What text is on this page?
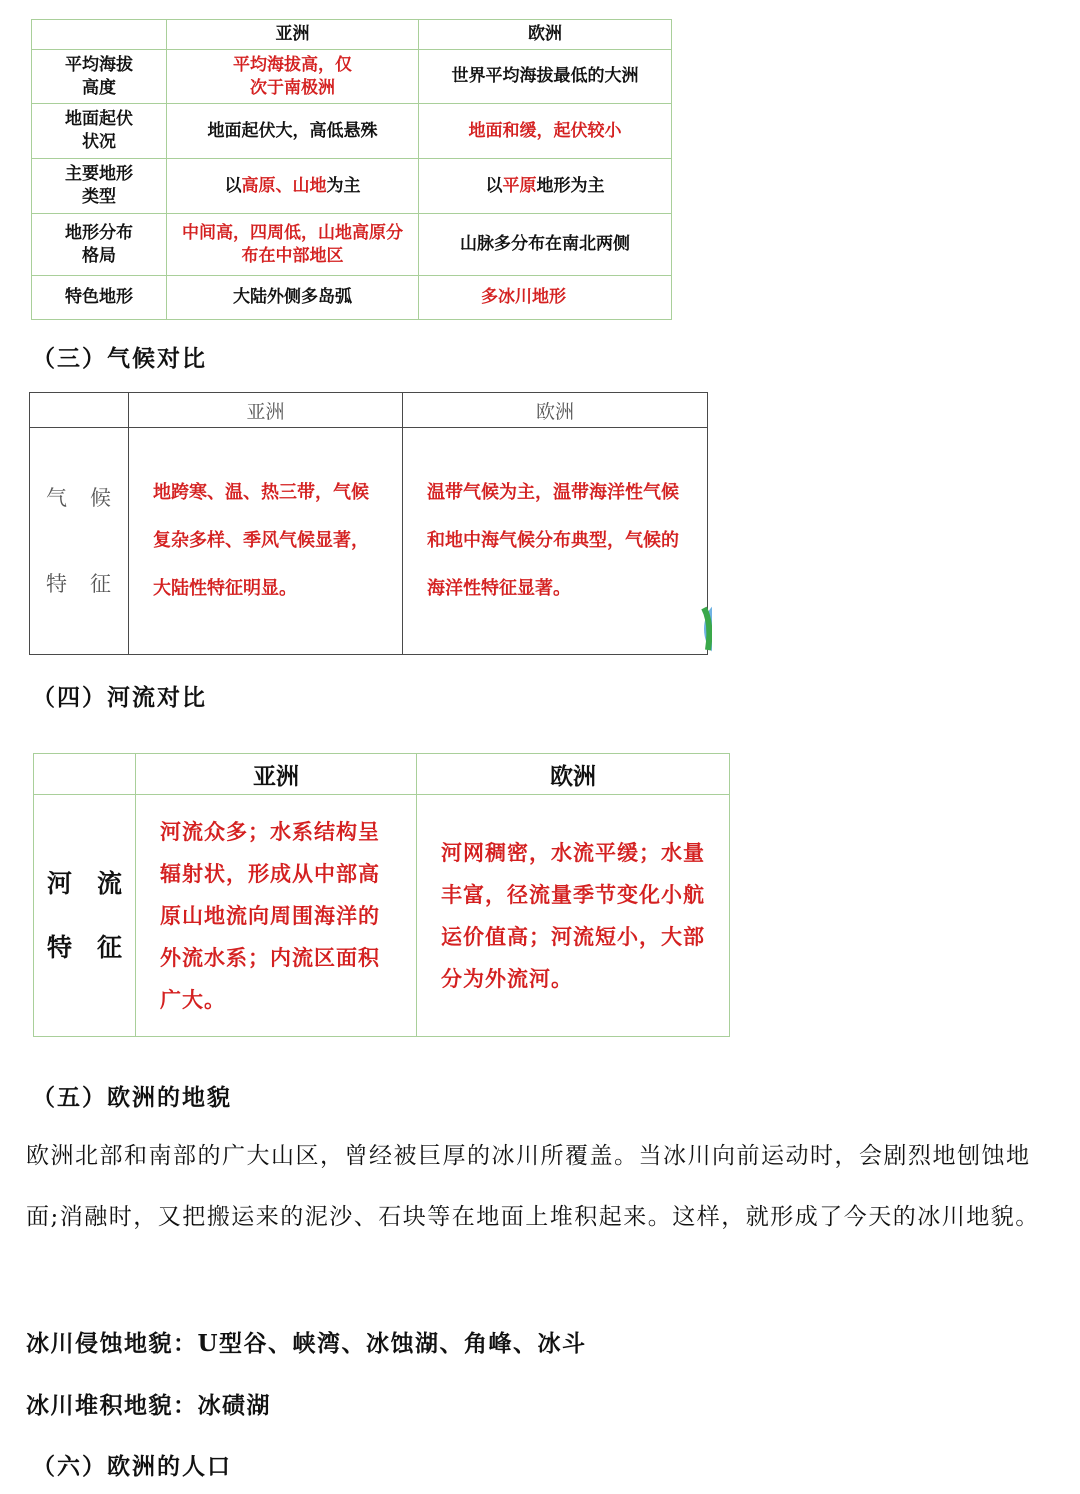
	亚洲	欧洲
平均海拔高度	平均海拔高，仅次于南极洲	世界平均海拔最低的大洲
地面起伏状况	地面起伏大，高低悬殊	地面和缓，起伏较小
主要地形类型	以高原、山地为主	以平原地形为主
地形分布格局	中间高，四周低，山地高原分布在中部地区	山脉多分布在南北两侧
特色地形	大陆外侧多岛弧	多冰川地形
（三）气候对比
	亚洲	欧洲

气　候
特　征	地跨寒、温、热三带，气候复杂多样、季风气候显著，大陆性特征明显。	温带气候为主，温带海洋性气候和地中海气候分布典型，气候的海洋性特征显著。
（四）河流对比
	亚洲	欧洲

河　流
特　征	河流众多；水系结构呈辐射状，形成从中部高原山地流向周围海洋的外流水系；内流区面积广大。	河网稠密，水流平缓；水量丰富，径流量季节变化小航运价值高；河流短小，大部分为外流河。
（五）欧洲的地貌
欧洲北部和南部的广大山区，曾经被巨厚的冰川所覆盖。当冰川向前运动时，会剧烈地刨蚀地面;消融时，又把搬运来的泥沙、石块等在地面上堆积起来。这样，就形成了今天的冰川地貌。
冰川侵蚀地貌：U型谷、峡湾、冰蚀湖、角峰、冰斗
冰川堆积地貌：冰碛湖
（六）欧洲的人口
